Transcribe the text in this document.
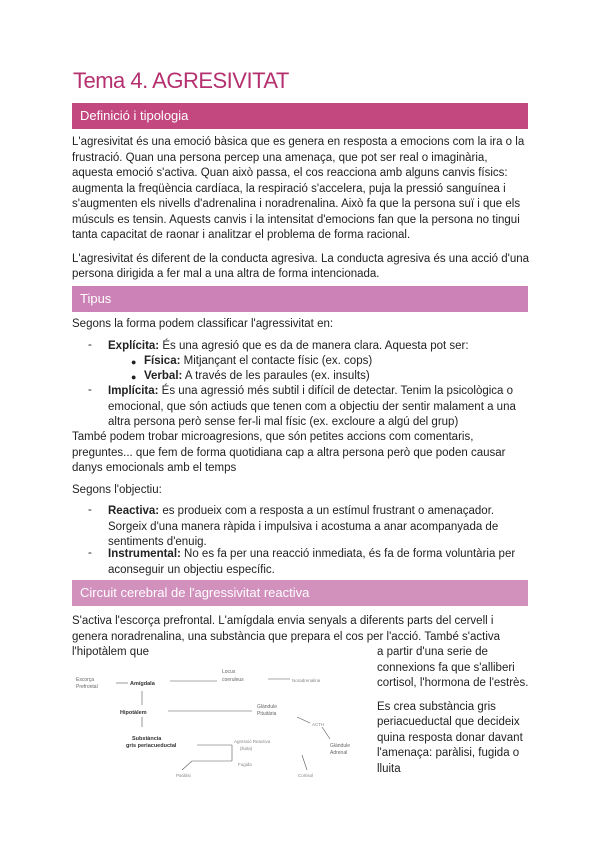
Tema 4. AGRESIVITAT
Definició i tipologia

L'agresivitat és una emoció bàsica que es genera en resposta a emocions com la ira o la frustració. Quan una persona percep una amenaça, que pot ser real o imaginària, aquesta emoció s'activa. Quan això passa, el cos reacciona amb alguns canvis físics: augmenta la freqüència cardíaca, la respiració s'accelera, puja la pressió sanguínea i s'augmenten els nivells d'adrenalina i noradrenalina. Això fa que la persona suï i que els músculs es tensin. Aquests canvis i la intensitat d'emocions fan que la persona no tingui tanta capacitat de raonar i analitzar el problema de forma racional.

L'agresivitat és diferent de la conducta agresiva. La conducta agresiva és una acció d'una persona dirigida a fer mal a una altra de forma intencionada.

Tipus

Segons la forma podem classificar l'agressivitat en:

- Explícita: És una agresió que es da de manera clara. Aquesta pot ser:
● Física: Mitjançant el contacte físic (ex. cops)
● Verbal: A través de les paraules (ex. insults)
- Implícita: És una agressió més subtil i difícil de detectar. Tenim la psicològica o emocional, que són actiuds que tenen com a objectiu der sentir malament a una altra persona però sense fer-li mal físic (ex. excloure a algú del grup)

També podem trobar microagresions, que són petites accions com comentaris, preguntes... que fem de forma quotidiana cap a altra persona però que poden causar danys emocionals amb el temps

Segons l'objectiu:

- Reactiva: es produeix com a resposta a un estímul frustrant o amenaçador. Sorgeix d'una manera ràpida i impulsiva i acostuma a anar acompanyada de sentiments d'enuig.
- Instrumental: No es fa per una reacció inmediata, és fa de forma voluntària per aconseguir un objectiu específic.
Circuit cerebral de l'agressivitat reactiva

S'activa l'escorça prefrontal. L'amígdala envia senyals a diferents parts del cervell i genera noradrenalina, una substància que prepara el cos per l'acció. També s'activa l'hipotàlem que

Escorça
Prefrontal	Amígdala
Locus
coeruleus	Noradrenalina
Hipotàlem
Glàndule
Pituitària
ACTH
Substància
gris periacueductal	Glàndule
Adrenal
Agressió Reactiva
(lluita)
Fugida
Paràlisi	Cortisol

a partir d'una serie de connexions fa que s'alliberi cortisol, l'hormona de l'estrès.

Es crea substància gris periacueductal que decideix quina resposta donar davant l'amenaça: paràlisi, fugida o lluita
